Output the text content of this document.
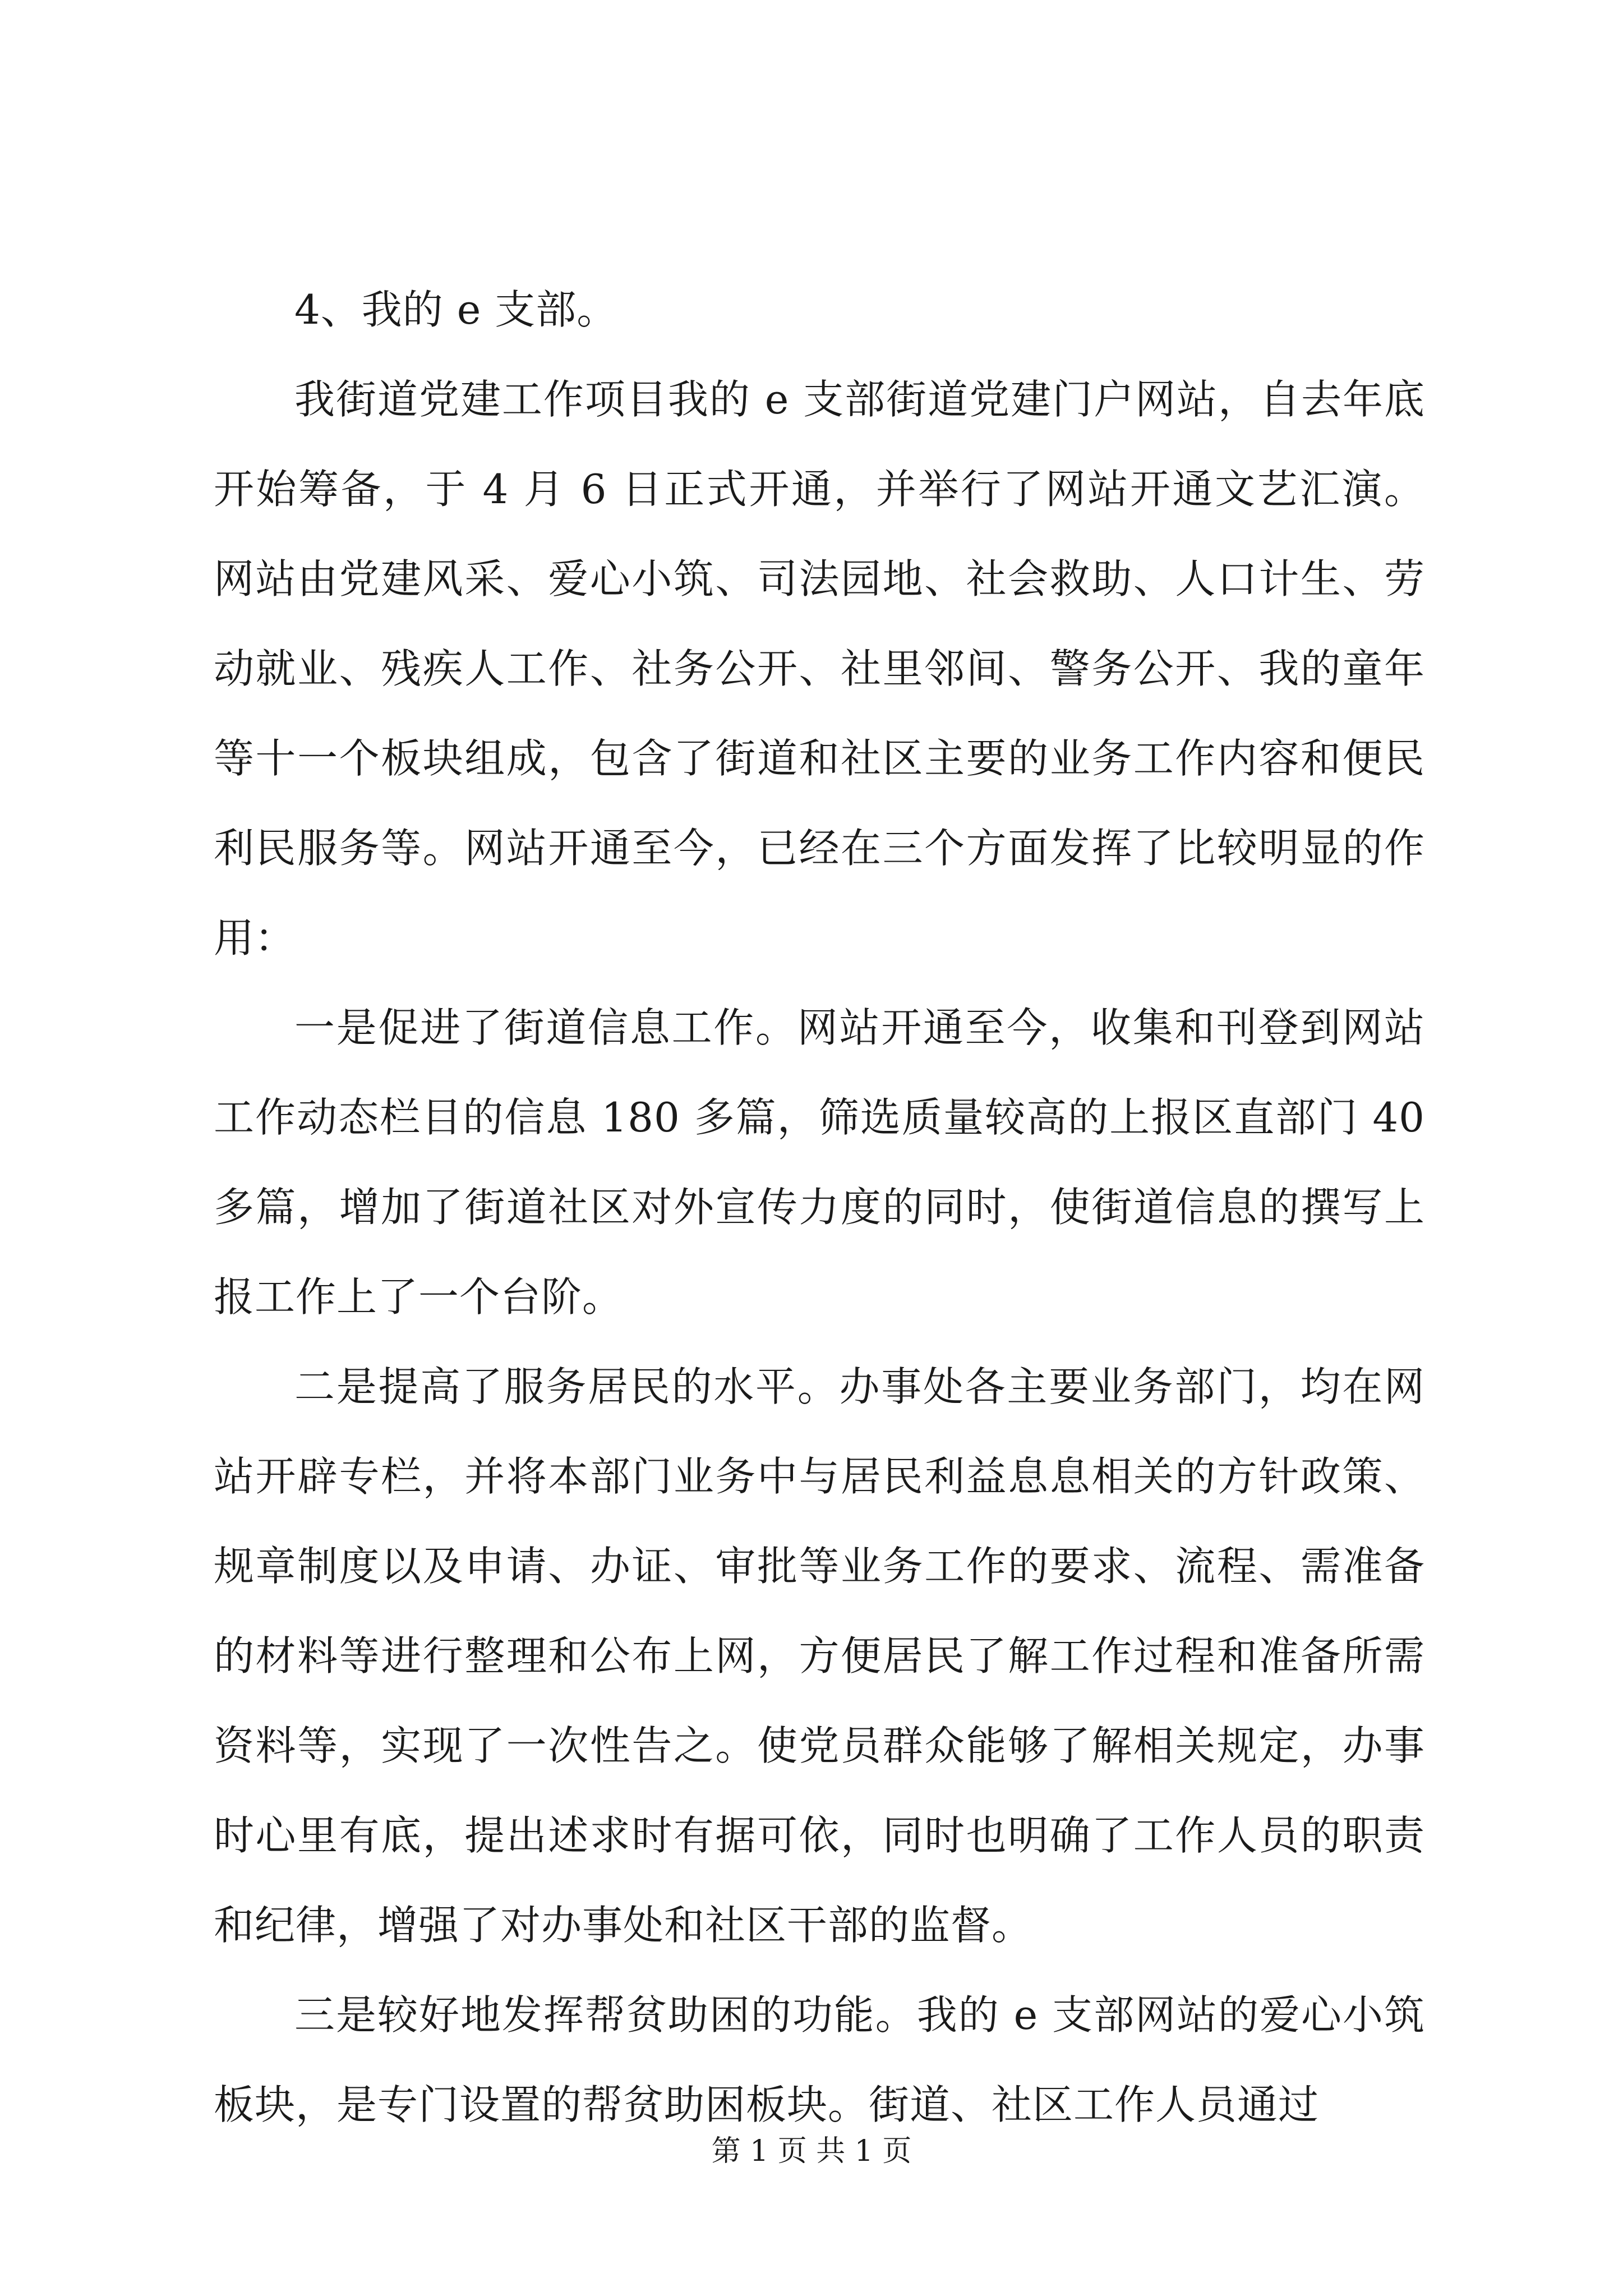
4、我的 e 支部。

我街道党建工作项目我的 e 支部街道党建门户网站，自去年底开始筹备，于 4 月 6 日正式开通，并举行了网站开通文艺汇演。网站由党建风采、爱心小筑、司法园地、社会救助、人口计生、劳动就业、残疾人工作、社务公开、社里邻间、警务公开、我的童年等十一个板块组成，包含了街道和社区主要的业务工作内容和便民利民服务等。网站开通至今，已经在三个方面发挥了比较明显的作用：

一是促进了街道信息工作。网站开通至今，收集和刊登到网站工作动态栏目的信息 180 多篇，筛选质量较高的上报区直部门 40 多篇，增加了街道社区对外宣传力度的同时，使街道信息的撰写上报工作上了一个台阶。

二是提高了服务居民的水平。办事处各主要业务部门，均在网站开辟专栏，并将本部门业务中与居民利益息息相关的方针政策、规章制度以及申请、办证、审批等业务工作的要求、流程、需准备的材料等进行整理和公布上网，方便居民了解工作过程和准备所需资料等，实现了一次性告之。使党员群众能够了解相关规定，办事时心里有底，提出述求时有据可依，同时也明确了工作人员的职责和纪律，增强了对办事处和社区干部的监督。

三是较好地发挥帮贫助困的功能。我的 e 支部网站的爱心小筑板块，是专门设置的帮贫助困板块。街道、社区工作人员通过

第 1 页 共 1 页
